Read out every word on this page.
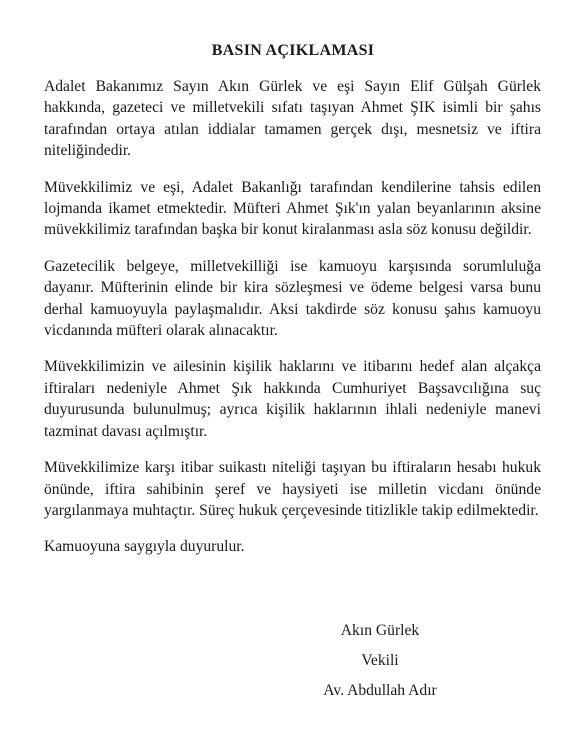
BASIN AÇIKLAMASI

Adalet Bakanımız Sayın Akın Gürlek ve eşi Sayın Elif Gülşah Gürlek hakkında, gazeteci ve milletvekili sıfatı taşıyan Ahmet ŞIK isimli bir şahıs tarafından ortaya atılan iddialar tamamen gerçek dışı, mesnetsiz ve iftira niteliğindedir.

Müvekkilimiz ve eşi, Adalet Bakanlığı tarafından kendilerine tahsis edilen lojmanda ikamet etmektedir. Müfteri Ahmet Şık'ın yalan beyanlarının aksine müvekkilimiz tarafından başka bir konut kiralanması asla söz konusu değildir.

Gazetecilik belgeye, milletvekilliği ise kamuoyu karşısında sorumluluğa dayanır. Müfterinin elinde bir kira sözleşmesi ve ödeme belgesi varsa bunu derhal kamuoyuyla paylaşmalıdır. Aksi takdirde söz konusu şahıs kamuoyu vicdanında müfteri olarak alınacaktır.

Müvekkilimizin ve ailesinin kişilik haklarını ve itibarını hedef alan alçakça iftiraları nedeniyle Ahmet Şık hakkında Cumhuriyet Başsavcılığına suç duyurusunda bulunulmuş; ayrıca kişilik haklarının ihlali nedeniyle manevi tazminat davası açılmıştır.

Müvekkilimize karşı itibar suikastı niteliği taşıyan bu iftiraların hesabı hukuk önünde, iftira sahibinin şeref ve haysiyeti ise milletin vicdanı önünde yargılanmaya muhtaçtır. Süreç hukuk çerçevesinde titizlikle takip edilmektedir.

Kamuoyuna saygıyla duyurulur.

Akın Gürlek
Vekili
Av. Abdullah Adır
